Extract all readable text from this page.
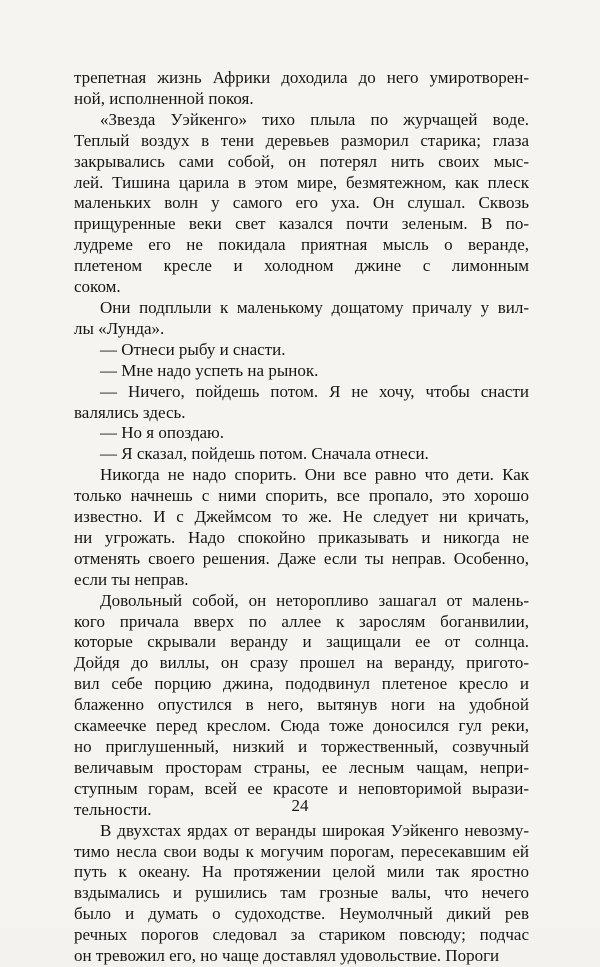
трепетная жизнь Африки доходила до него умиротворен-
ной, исполненной покоя.

«Звезда Уэйкенго» тихо плыла по журчащей воде.
Теплый воздух в тени деревьев разморил старика; глаза
закрывались сами собой, он потерял нить своих мыс-
лей. Тишина царила в этом мире, безмятежном, как плеск
маленьких волн у самого его уха. Он слушал. Сквозь
прищуренные веки свет казался почти зеленым. В по-
лудреме его не покидала приятная мысль о веранде,
плетеном кресле и холодном джине с лимонным
соком.

Они подплыли к маленькому дощатому причалу у вил-
лы «Лунда».

— Отнеси рыбу и снасти.

— Мне надо успеть на рынок.

— Ничего, пойдешь потом. Я не хочу, чтобы снасти
валялись здесь.

— Но я опоздаю.

— Я сказал, пойдешь потом. Сначала отнеси.

Никогда не надо спорить. Они все равно что дети. Как
только начнешь с ними спорить, все пропало, это хорошо
известно. И с Джеймсом то же. Не следует ни кричать,
ни угрожать. Надо спокойно приказывать и никогда не
отменять своего решения. Даже если ты неправ. Особенно,
если ты неправ.

Довольный собой, он неторопливо зашагал от малень-
кого причала вверх по аллее к зарослям боганвилии,
которые скрывали веранду и защищали ее от солнца.
Дойдя до виллы, он сразу прошел на веранду, пригото-
вил себе порцию джина, пододвинул плетеное кресло и
блаженно опустился в него, вытянув ноги на удобной
скамеечке перед креслом. Сюда тоже доносился гул реки,
но приглушенный, низкий и торжественный, созвучный
величавым просторам страны, ее лесным чащам, непри-
ступным горам, всей ее красоте и неповторимой вырази-
тельности.

В двухстах ярдах от веранды широкая Уэйкенго невозму-
тимо несла свои воды к могучим порогам, пересекавшим ей
путь к океану. На протяжении целой мили так яростно
вздымались и рушились там грозные валы, что нечего
было и думать о судоходстве. Неумолчный дикий рев
речных порогов следовал за стариком повсюду; подчас
он тревожил его, но чаще доставлял удовольствие. Пороги

24
